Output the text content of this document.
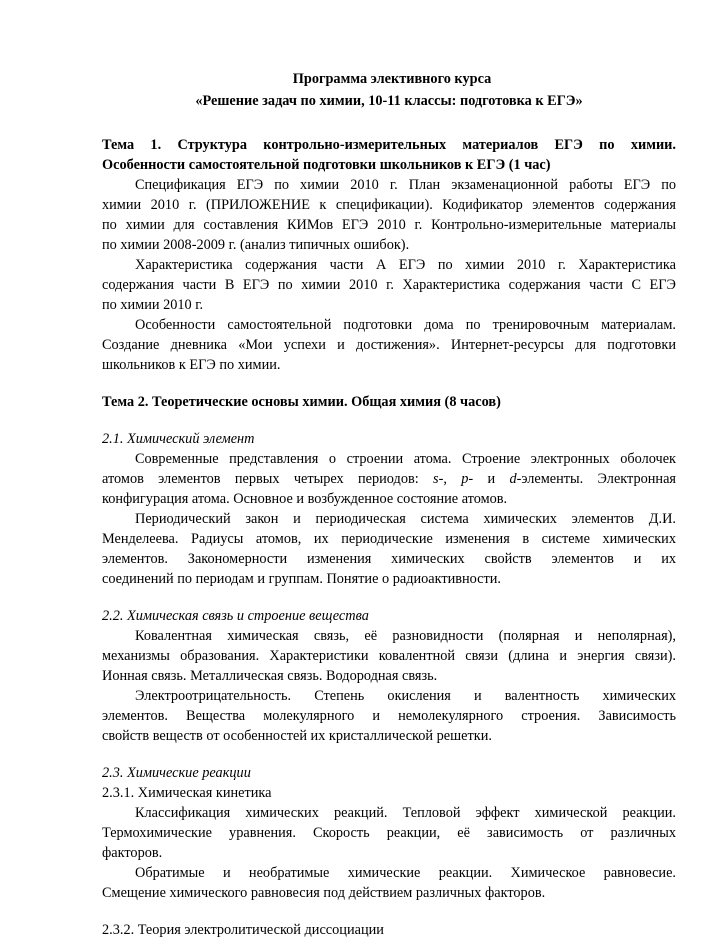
Программа элективного курса
«Решение задач по химии, 10-11 классы: подготовка к ЕГЭ»
Тема 1. Структура контрольно-измерительных материалов ЕГЭ по химии.
Особенности самостоятельной подготовки школьников к ЕГЭ (1 час)
Спецификация ЕГЭ по химии 2010 г. План экзаменационной работы ЕГЭ по
химии 2010 г. (ПРИЛОЖЕНИЕ к спецификации). Кодификатор элементов содержания
по химии для составления КИМов ЕГЭ 2010 г. Контрольно-измерительные материалы
по химии 2008-2009 г. (анализ типичных ошибок).
Характеристика содержания части А ЕГЭ по химии 2010 г. Характеристика
содержания части В ЕГЭ по химии 2010 г. Характеристика содержания части С ЕГЭ
по химии 2010 г.
Особенности самостоятельной подготовки дома по тренировочным материалам.
Создание дневника «Мои успехи и достижения». Интернет-ресурсы для подготовки
школьников к ЕГЭ по химии.
Тема 2. Теоретические основы химии. Общая химия (8 часов)
2.1. Химический элемент
Современные представления о строении атома. Строение электронных оболочек
атомов элементов первых четырех периодов: s-, p- и d-элементы. Электронная
конфигурация атома. Основное и возбужденное состояние атомов.
Периодический закон и периодическая система химических элементов Д.И.
Менделеева. Радиусы атомов, их периодические изменения в системе химических
элементов. Закономерности изменения химических свойств элементов и их
соединений по периодам и группам. Понятие о радиоактивности.
2.2. Химическая связь и строение вещества
Ковалентная химическая связь, её разновидности (полярная и неполярная),
механизмы образования. Характеристики ковалентной связи (длина и энергия связи).
Ионная связь. Металлическая связь. Водородная связь.
Электроотрицательность. Степень окисления и валентность химических
элементов. Вещества молекулярного и немолекулярного строения. Зависимость
свойств веществ от особенностей их кристаллической решетки.
2.3. Химические реакции
2.3.1. Химическая кинетика
Классификация химических реакций. Тепловой эффект химической реакции.
Термохимические уравнения. Скорость реакции, её зависимость от различных
факторов.
Обратимые и необратимые химические реакции. Химическое равновесие.
Смещение химического равновесия под действием различных факторов.
2.3.2. Теория электролитической диссоциации
